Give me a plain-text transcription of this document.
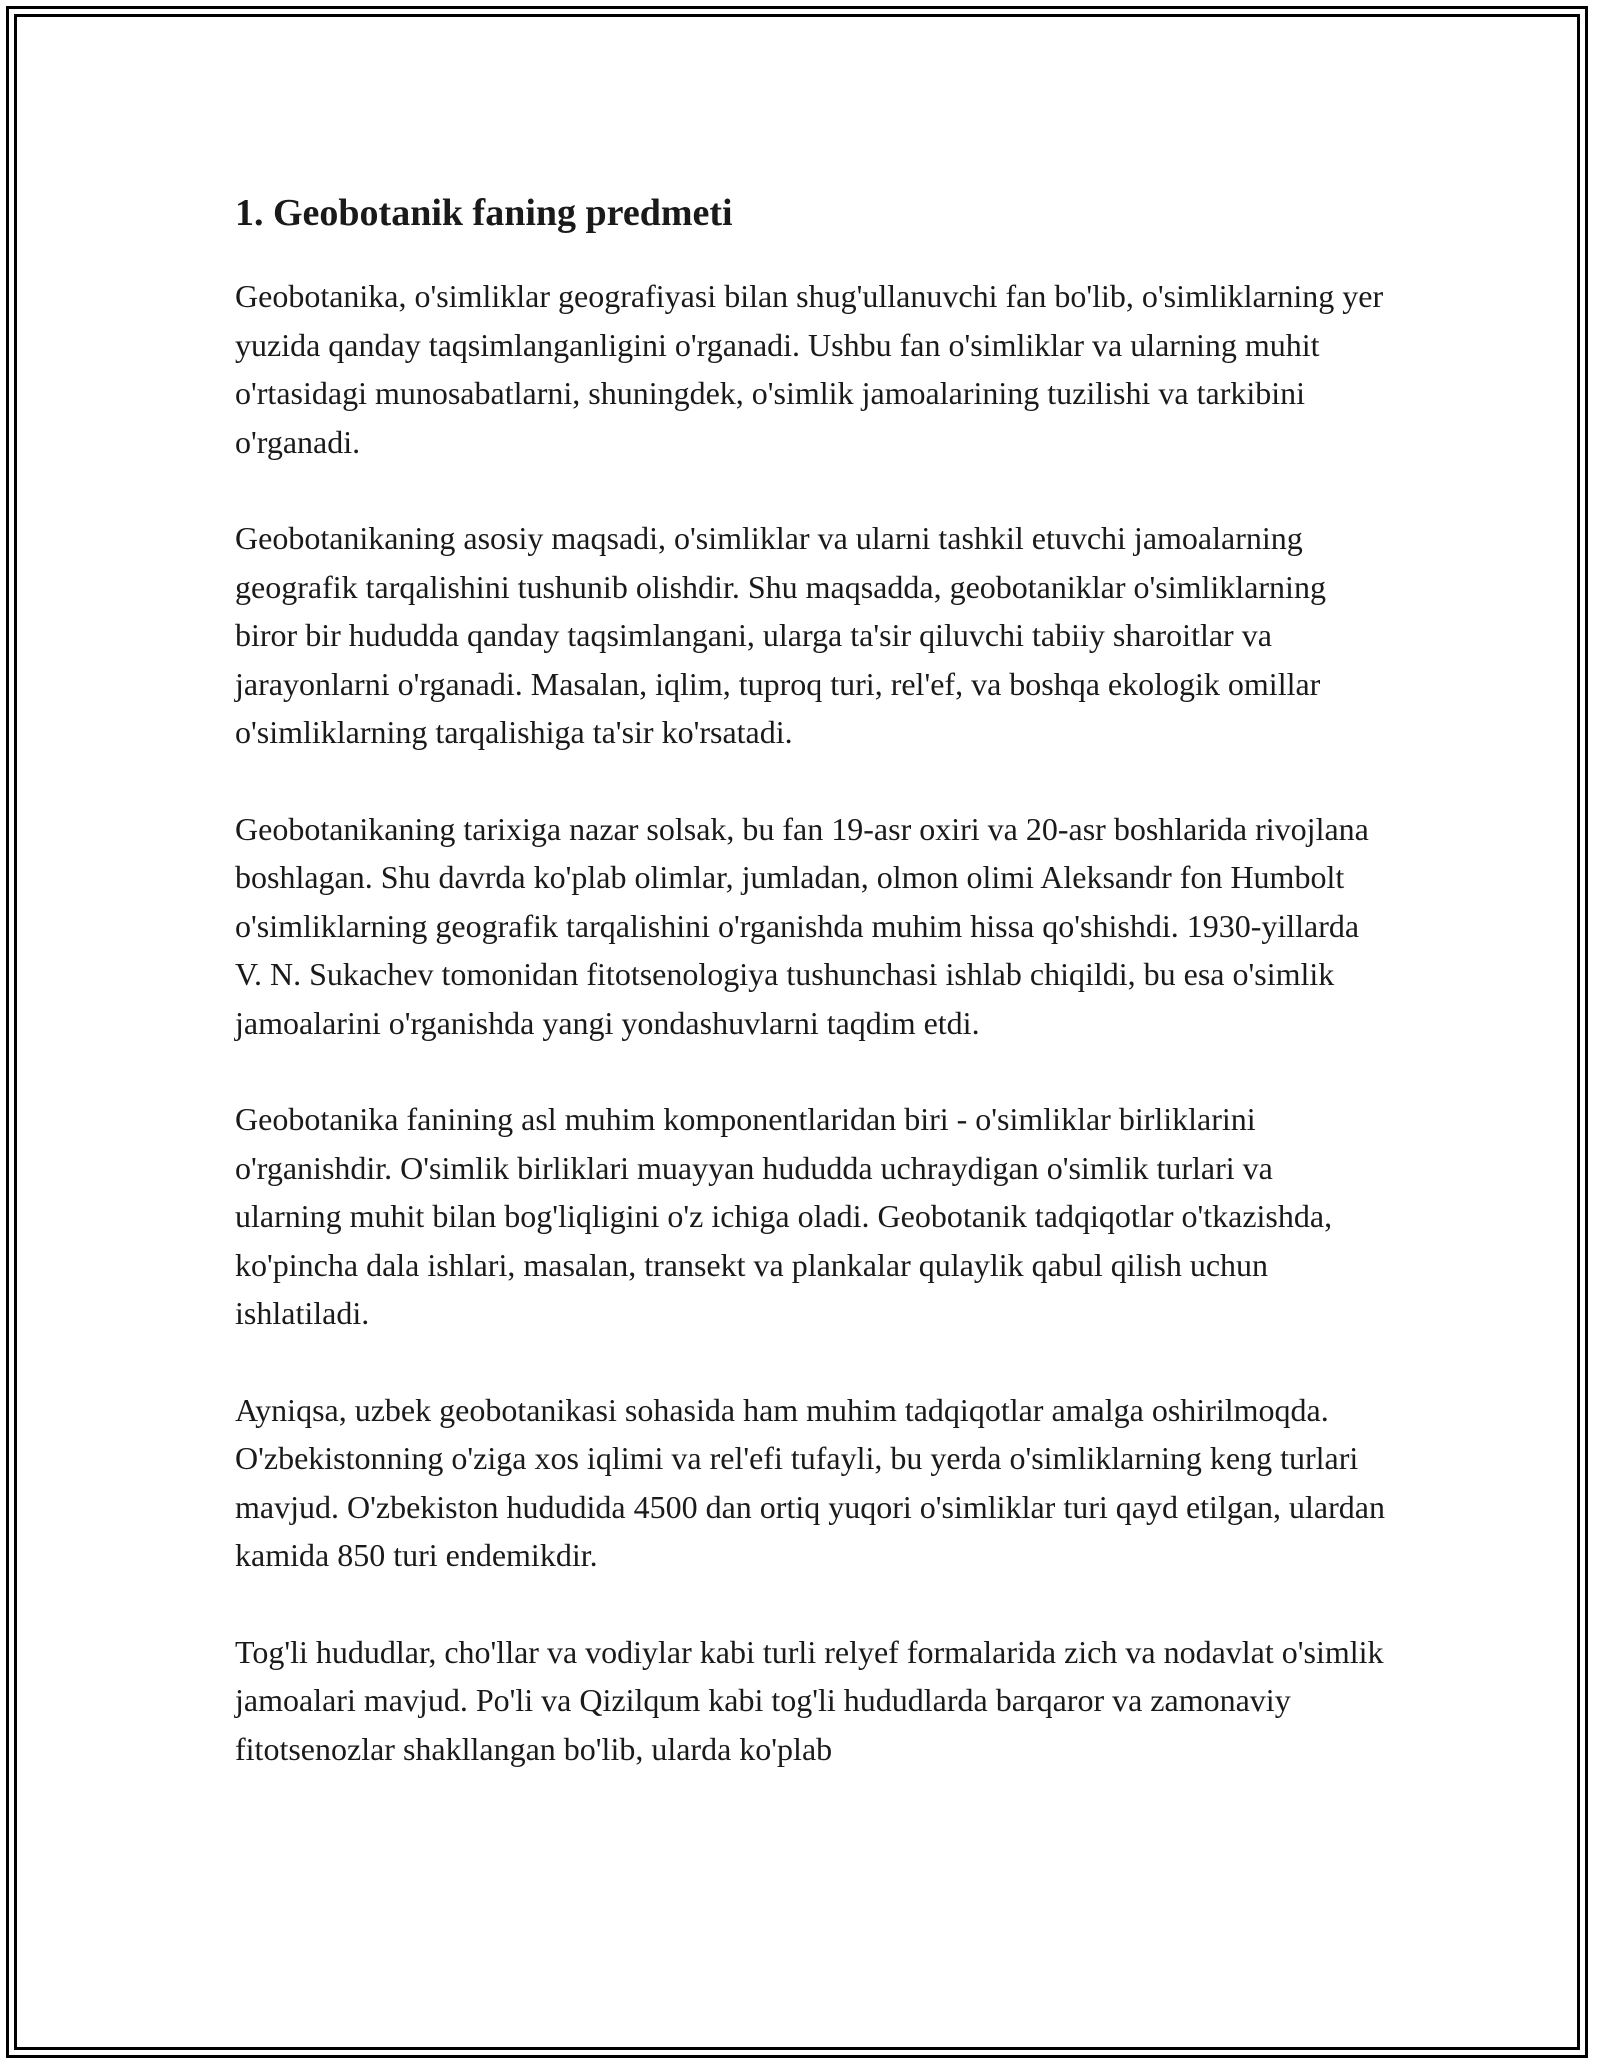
1. Geobotanik faning predmeti

Geobotanika, o'simliklar geografiyasi bilan shug'ullanuvchi fan bo'lib, o'simliklarning yer yuzida qanday taqsimlanganligini o'rganadi. Ushbu fan o'simliklar va ularning muhit o'rtasidagi munosabatlarni, shuningdek, o'simlik jamoalarining tuzilishi va tarkibini o'rganadi.

Geobotanikaning asosiy maqsadi, o'simliklar va ularni tashkil etuvchi jamoalarning geografik tarqalishini tushunib olishdir. Shu maqsadda, geobotaniklar o'simliklarning biror bir hududda qanday taqsimlangani, ularga ta'sir qiluvchi tabiiy sharoitlar va jarayonlarni o'rganadi. Masalan, iqlim, tuproq turi, rel'ef, va boshqa ekologik omillar o'simliklarning tarqalishiga ta'sir ko'rsatadi.

Geobotanikaning tarixiga nazar solsak, bu fan 19-asr oxiri va 20-asr boshlarida rivojlana boshlagan. Shu davrda ko'plab olimlar, jumladan, olmon olimi Aleksandr fon Humbolt o'simliklarning geografik tarqalishini o'rganishda muhim hissa qo'shishdi. 1930-yillarda V. N. Sukachev tomonidan fitotsenologiya tushunchasi ishlab chiqildi, bu esa o'simlik jamoalarini o'rganishda yangi yondashuvlarni taqdim etdi.

Geobotanika fanining asl muhim komponentlaridan biri - o'simliklar birliklarini o'rganishdir. O'simlik birliklari muayyan hududda uchraydigan o'simlik turlari va ularning muhit bilan bog'liqligini o'z ichiga oladi. Geobotanik tadqiqotlar o'tkazishda, ko'pincha dala ishlari, masalan, transekt va plankalar qulaylik qabul qilish uchun ishlatiladi.

Ayniqsa, uzbek geobotanikasi sohasida ham muhim tadqiqotlar amalga oshirilmoqda. O'zbekistonning o'ziga xos iqlimi va rel'efi tufayli, bu yerda o'simliklarning keng turlari mavjud. O'zbekiston hududida 4500 dan ortiq yuqori o'simliklar turi qayd etilgan, ulardan kamida 850 turi endemikdir.

Tog'li hududlar, cho'llar va vodiylar kabi turli relyef formalarida zich va nodavlat o'simlik jamoalari mavjud. Po'li va Qizilqum kabi tog'li hududlarda barqaror va zamonaviy fitotsenozlar shakllangan bo'lib, ularda ko'plab
